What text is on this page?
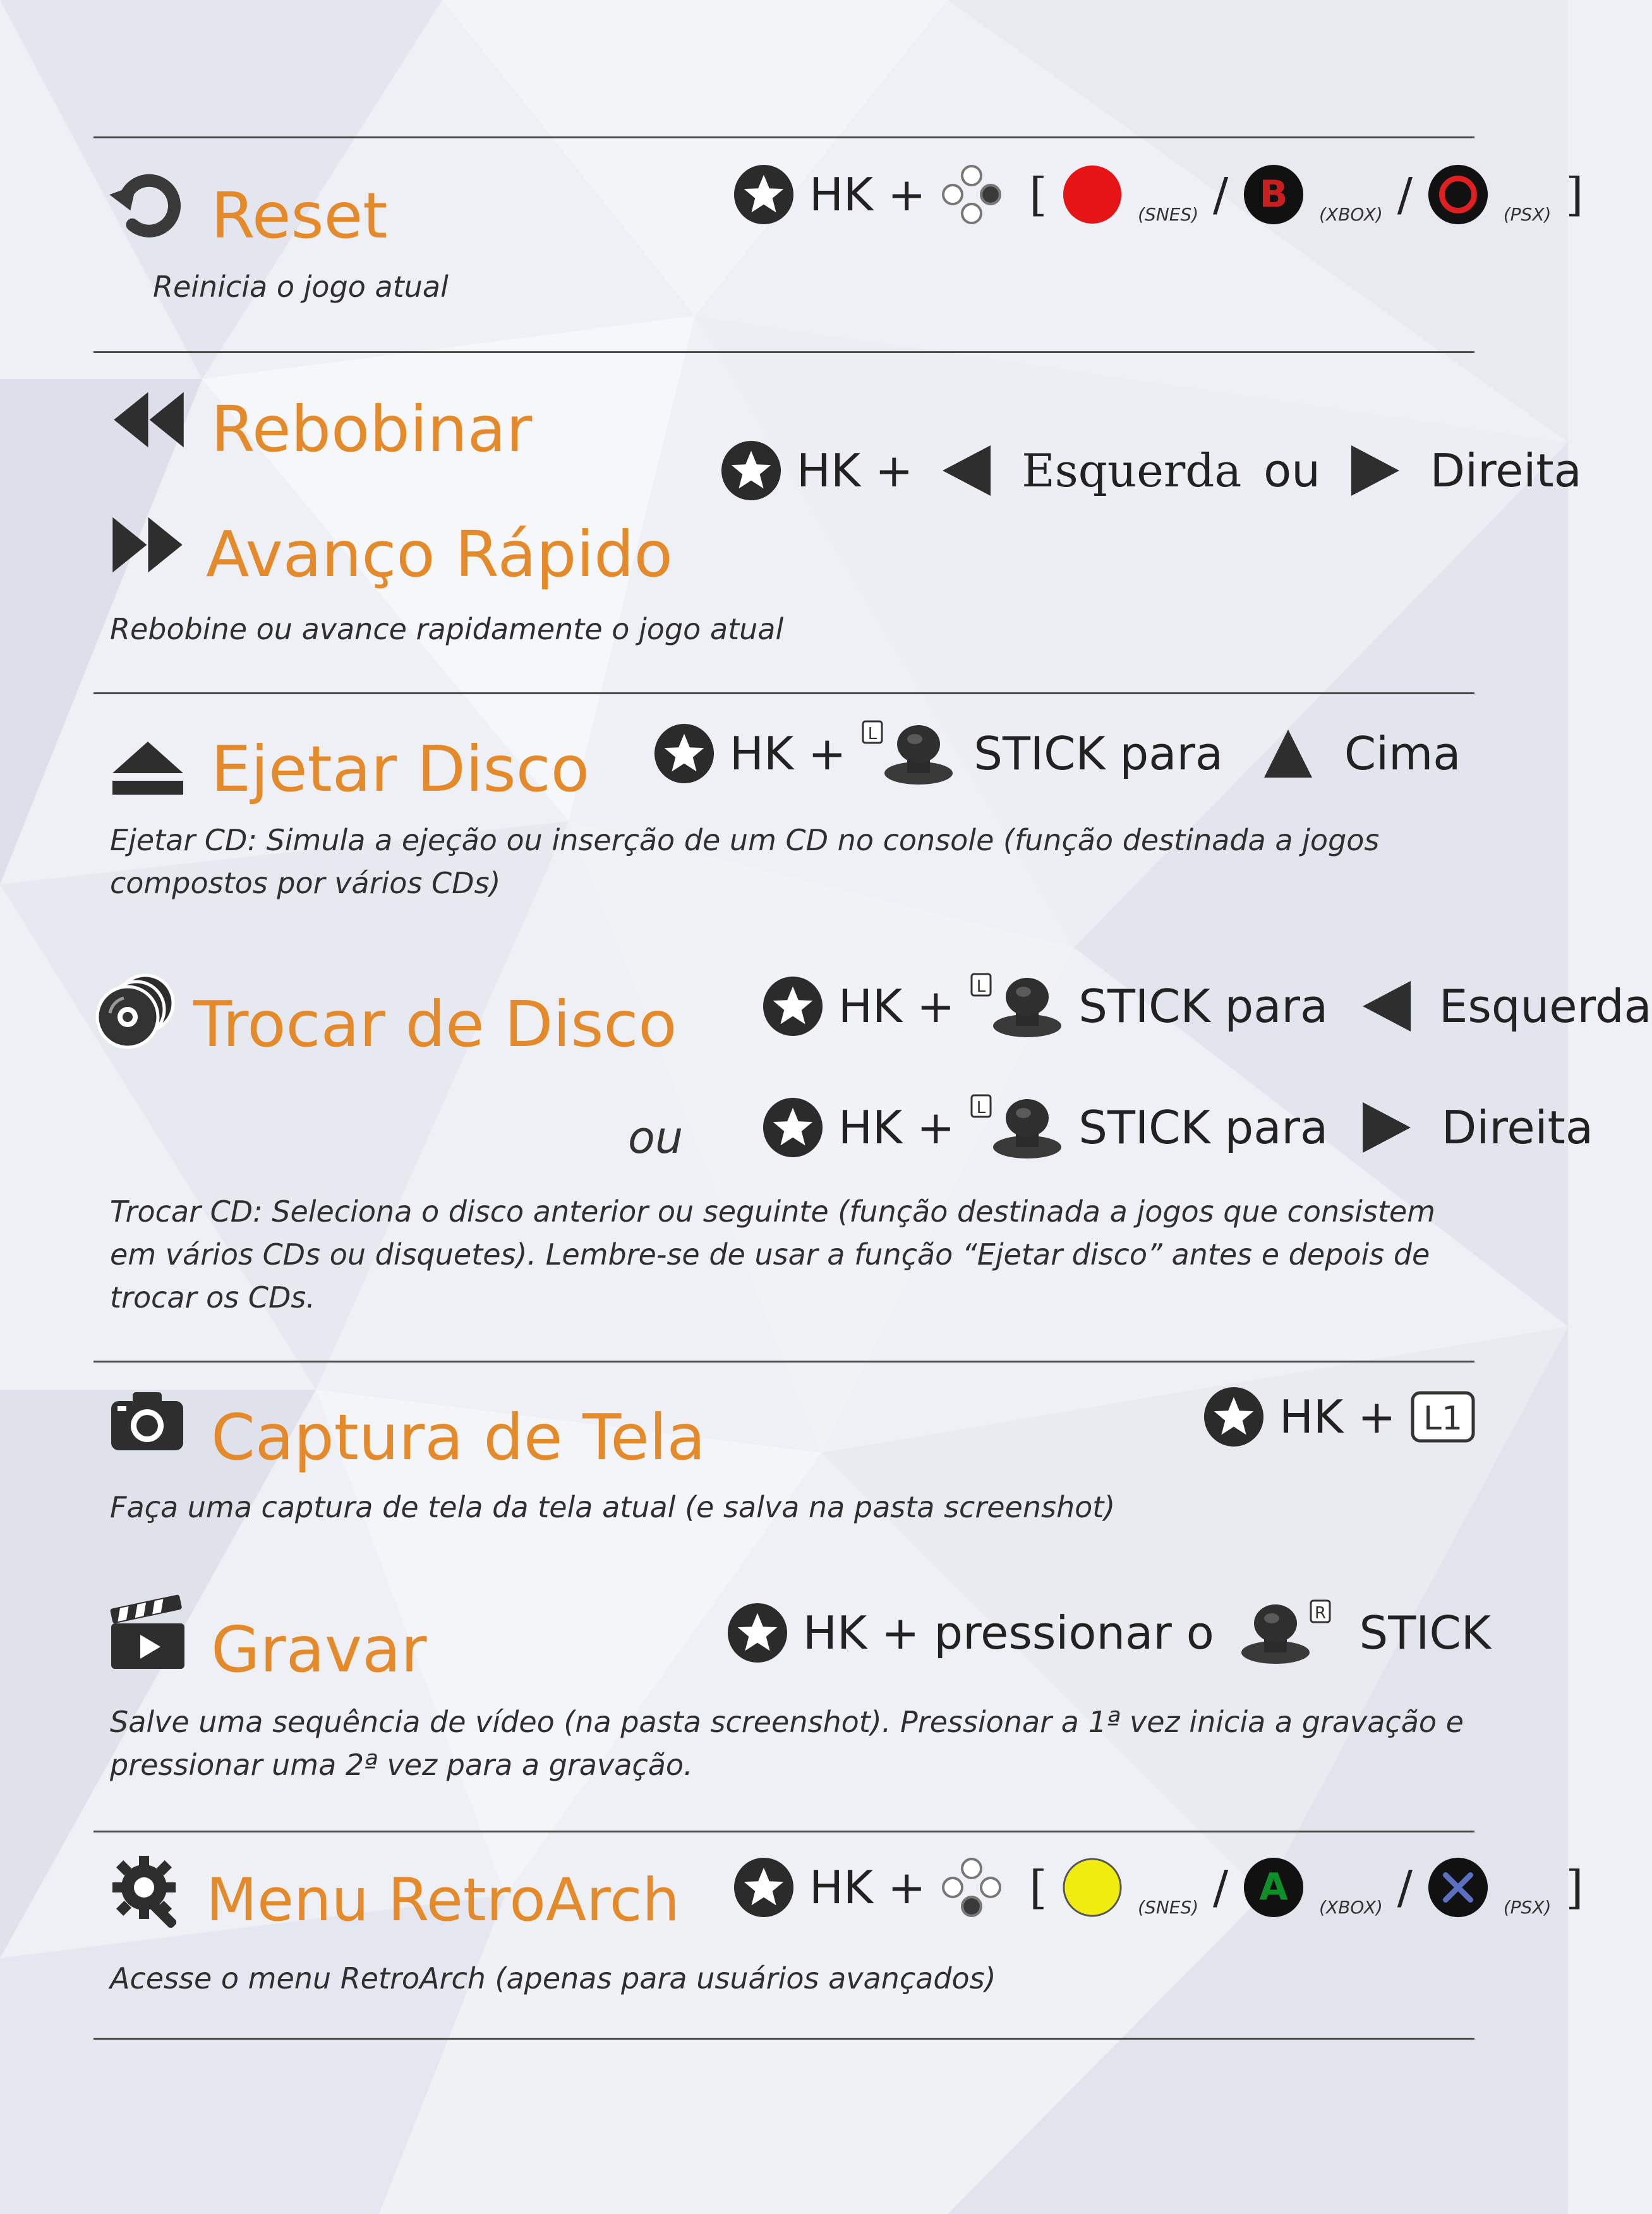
Reset
Reinicia o jogo atual
HK + [	(SNES) / B (XBOX) /	(PSX) ]
Rebobinar
Avanço Rápido
Rebobine ou avance rapidamente o jogo atual
HK + Esquerda ou Direita
Ejetar Disco	HK + L STICK para	Cima
Ejetar CD: Simula a ejeção ou inserção de um CD no console (função destinada a jogos compostos por vários CDs)
Trocar de Disco
ou
HK + L STICK para Esquerda
HK + L STICK para Direita
Trocar CD: Seleciona o disco anterior ou seguinte (função destinada a jogos que consistem em vários CDs ou disquetes). Lembre-se de usar a função “Ejetar disco” antes e depois de trocar os CDs.
Captura de Tela
Faça uma captura de tela da tela atual (e salva na pasta screenshot)
HK + L1
Gravar	HK + pressionar o	R STICK
Salve uma sequência de vídeo (na pasta screenshot). Pressionar a 1ª vez inicia a gravação e pressionar uma 2ª vez para a gravação.
Menu RetroArch
Acesse o menu RetroArch (apenas para usuários avançados)
HK + [	(SNES) / A (XBOX) /	(PSX) ]
